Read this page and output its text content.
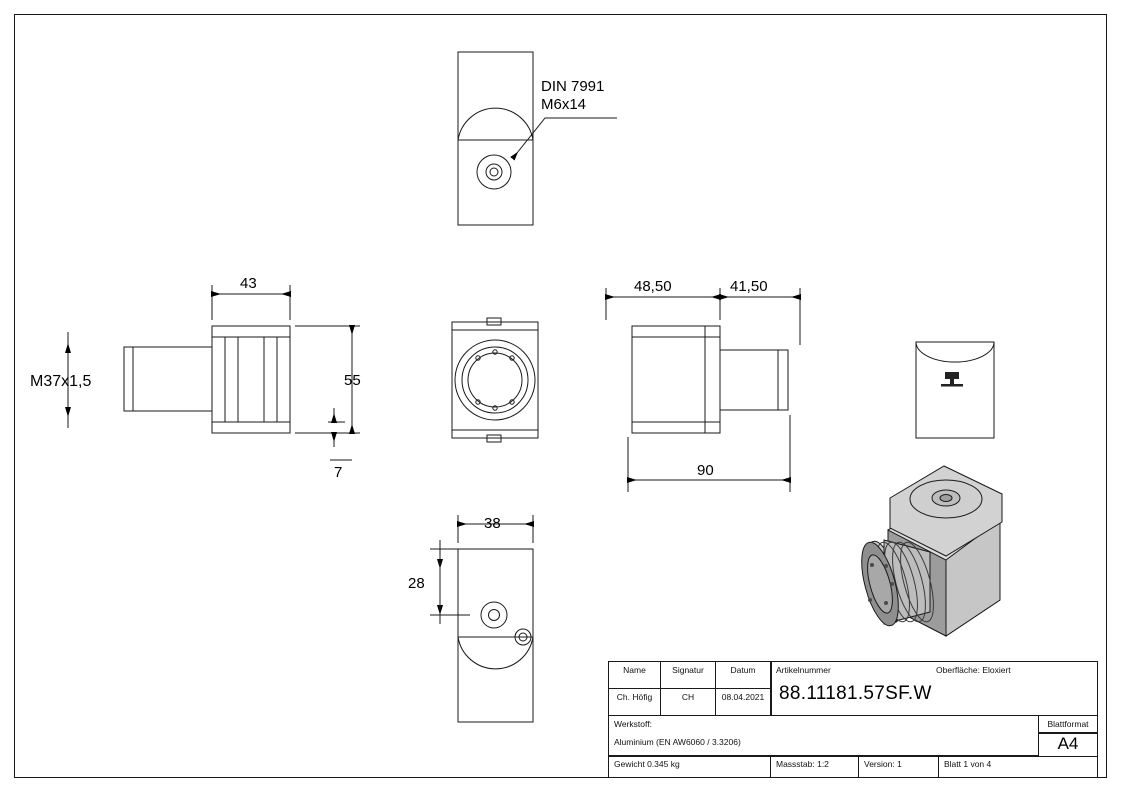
DIN 7991
M6x14
M37x1,5
43
55
7
48,50	41,50
90
38
28
Name	Signatur	Datum	Artikelnummer	Oberfläche: Eloxiert
Ch. Höfig	CH	08.04.2021 88.11181.57SF.W
Werkstoff:
Aluminium (EN AW6060 / 3.3206)
Blattformat
A4
Gewicht 0.345 kg	Massstab: 1:2	Version: 1	Blatt 1 von 4
